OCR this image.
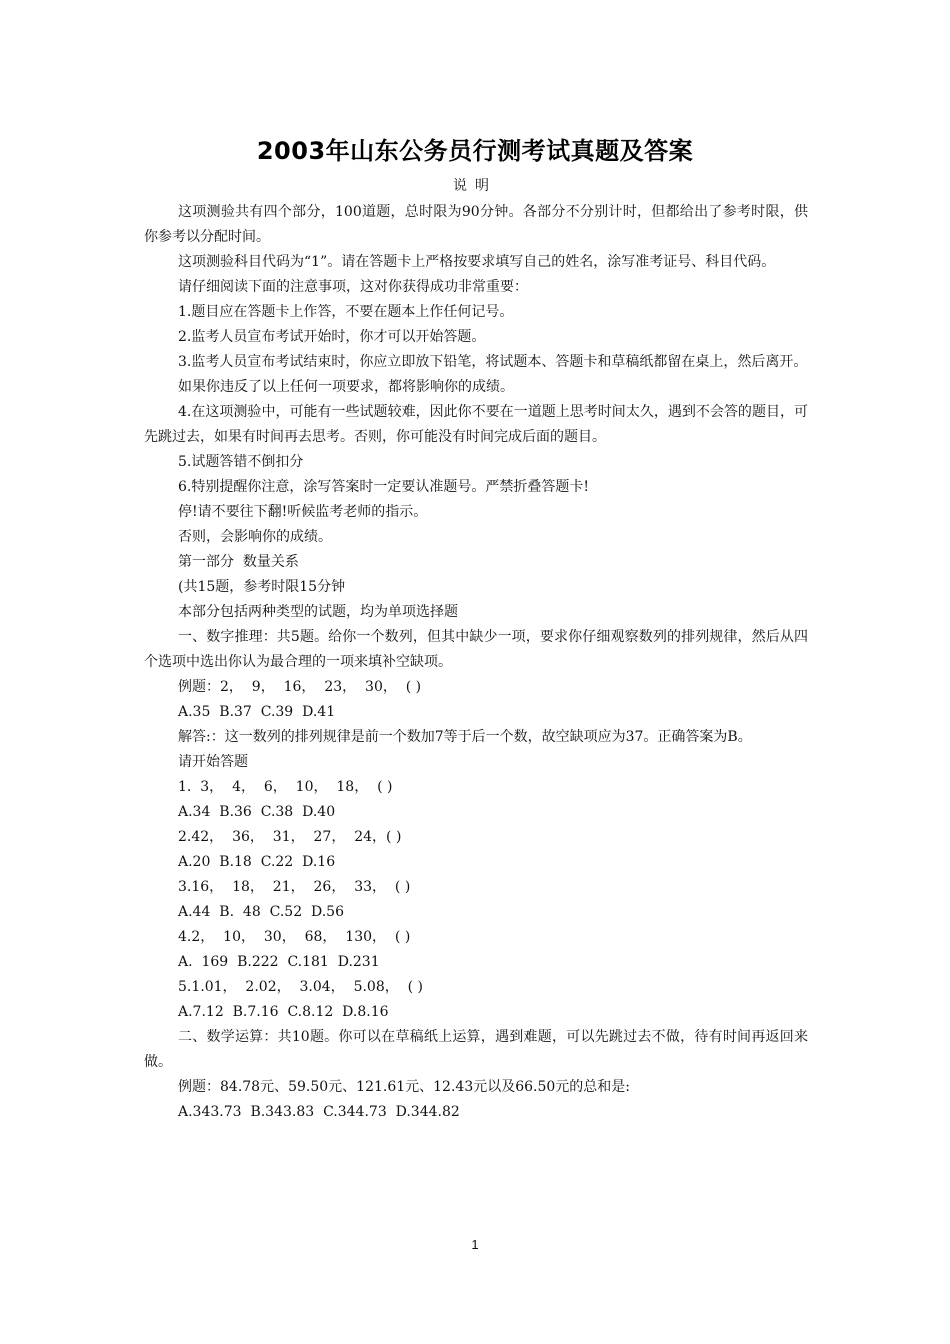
2003年山东公务员行测考试真题及答案
说明

这项测验共有四个部分，100道题，总时限为90分钟。各部分不分别计时，但都给出了参考时限，供你参考以分配时间。

这项测验科目代码为“1”。请在答题卡上严格按要求填写自己的姓名，涂写准考证号、科目代码。

请仔细阅读下面的注意事项，这对你获得成功非常重要：

1.题目应在答题卡上作答，不要在题本上作任何记号。

2.监考人员宣布考试开始时，你才可以开始答题。

3.监考人员宣布考试结束时，你应立即放下铅笔，将试题本、答题卡和草稿纸都留在桌上，然后离开。

如果你违反了以上任何一项要求，都将影响你的成绩。

4.在这项测验中，可能有一些试题较难，因此你不要在一道题上思考时间太久，遇到不会答的题目，可先跳过去，如果有时间再去思考。否则，你可能没有时间完成后面的题目。

5.试题答错不倒扣分

6.特别提醒你注意，涂写答案时一定要认准题号。严禁折叠答题卡!

停!请不要往下翻!听候监考老师的指示。

否则，会影响你的成绩。

第一部分  数量关系

(共15题，参考时限15分钟

本部分包括两种类型的试题，均为单项选择题

一、数字推理：共5题。给你一个数列，但其中缺少一项，要求你仔细观察数列的排列规律，然后从四个选项中选出你认为最合理的一项来填补空缺项。

例题：2，  9，  16，  23，  30，  ( )

A.35  B.37  C.39  D.41

解答:：这一数列的排列规律是前一个数加7等于后一个数，故空缺项应为37。正确答案为B。

请开始答题

1.  3，  4，  6，  10，  18，  ( )

A.34  B.36  C.38  D.40

2.42，  36，  31，  27，  24，( )

A.20  B.18  C.22  D.16

3.16，  18，  21，  26，  33，  ( )

A.44  B.  48  C.52  D.56

4.2，  10，  30，  68，  130，  ( )

A.  169  B.222  C.181  D.231

5.1.01，  2.02，  3.04，  5.08，  ( )

A.7.12  B.7.16  C.8.12  D.8.16

二、数学运算：共10题。你可以在草稿纸上运算，遇到难题，可以先跳过去不做，待有时间再返回来做。

例题：84.78元、59.50元、121.61元、12.43元以及66.50元的总和是:

A.343.73  B.343.83  C.344.73  D.344.82

1
